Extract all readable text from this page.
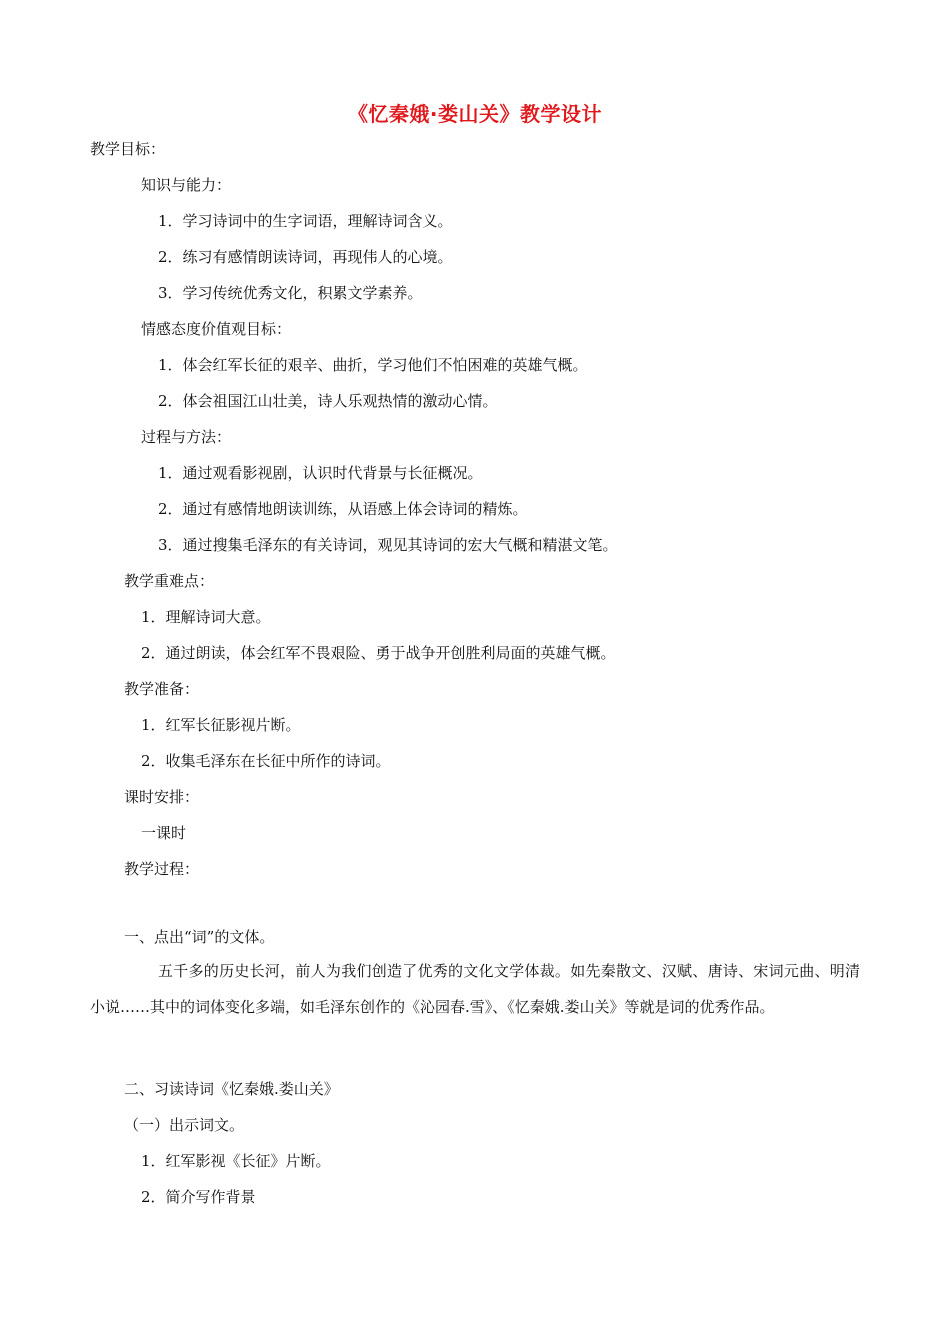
《忆秦娥·娄山关》教学设计
教学目标：
知识与能力：
1．学习诗词中的生字词语，理解诗词含义。
2．练习有感情朗读诗词，再现伟人的心境。
3．学习传统优秀文化，积累文学素养。
情感态度价值观目标：
1．体会红军长征的艰辛、曲折，学习他们不怕困难的英雄气概。
2．体会祖国江山壮美，诗人乐观热情的激动心情。
过程与方法：
1．通过观看影视剧，认识时代背景与长征概况。
2．通过有感情地朗读训练，从语感上体会诗词的精炼。
3．通过搜集毛泽东的有关诗词，观见其诗词的宏大气概和精湛文笔。
教学重难点：
1．理解诗词大意。
2．通过朗读，体会红军不畏艰险、勇于战争开创胜利局面的英雄气概。
教学准备：
1．红军长征影视片断。
2．收集毛泽东在长征中所作的诗词。
课时安排：
一课时
教学过程：
一、点出“词”的文体。
五千多的历史长河，前人为我们创造了优秀的文化文学体裁。如先秦散文、汉赋、唐诗、宋词元曲、明清小说……其中的词体变化多端，如毛泽东创作的《沁园春.雪》、《忆秦娥.娄山关》等就是词的优秀作品。
二、习读诗词《忆秦娥.娄山关》
（一）出示词文。
1．红军影视《长征》片断。
2．简介写作背景
